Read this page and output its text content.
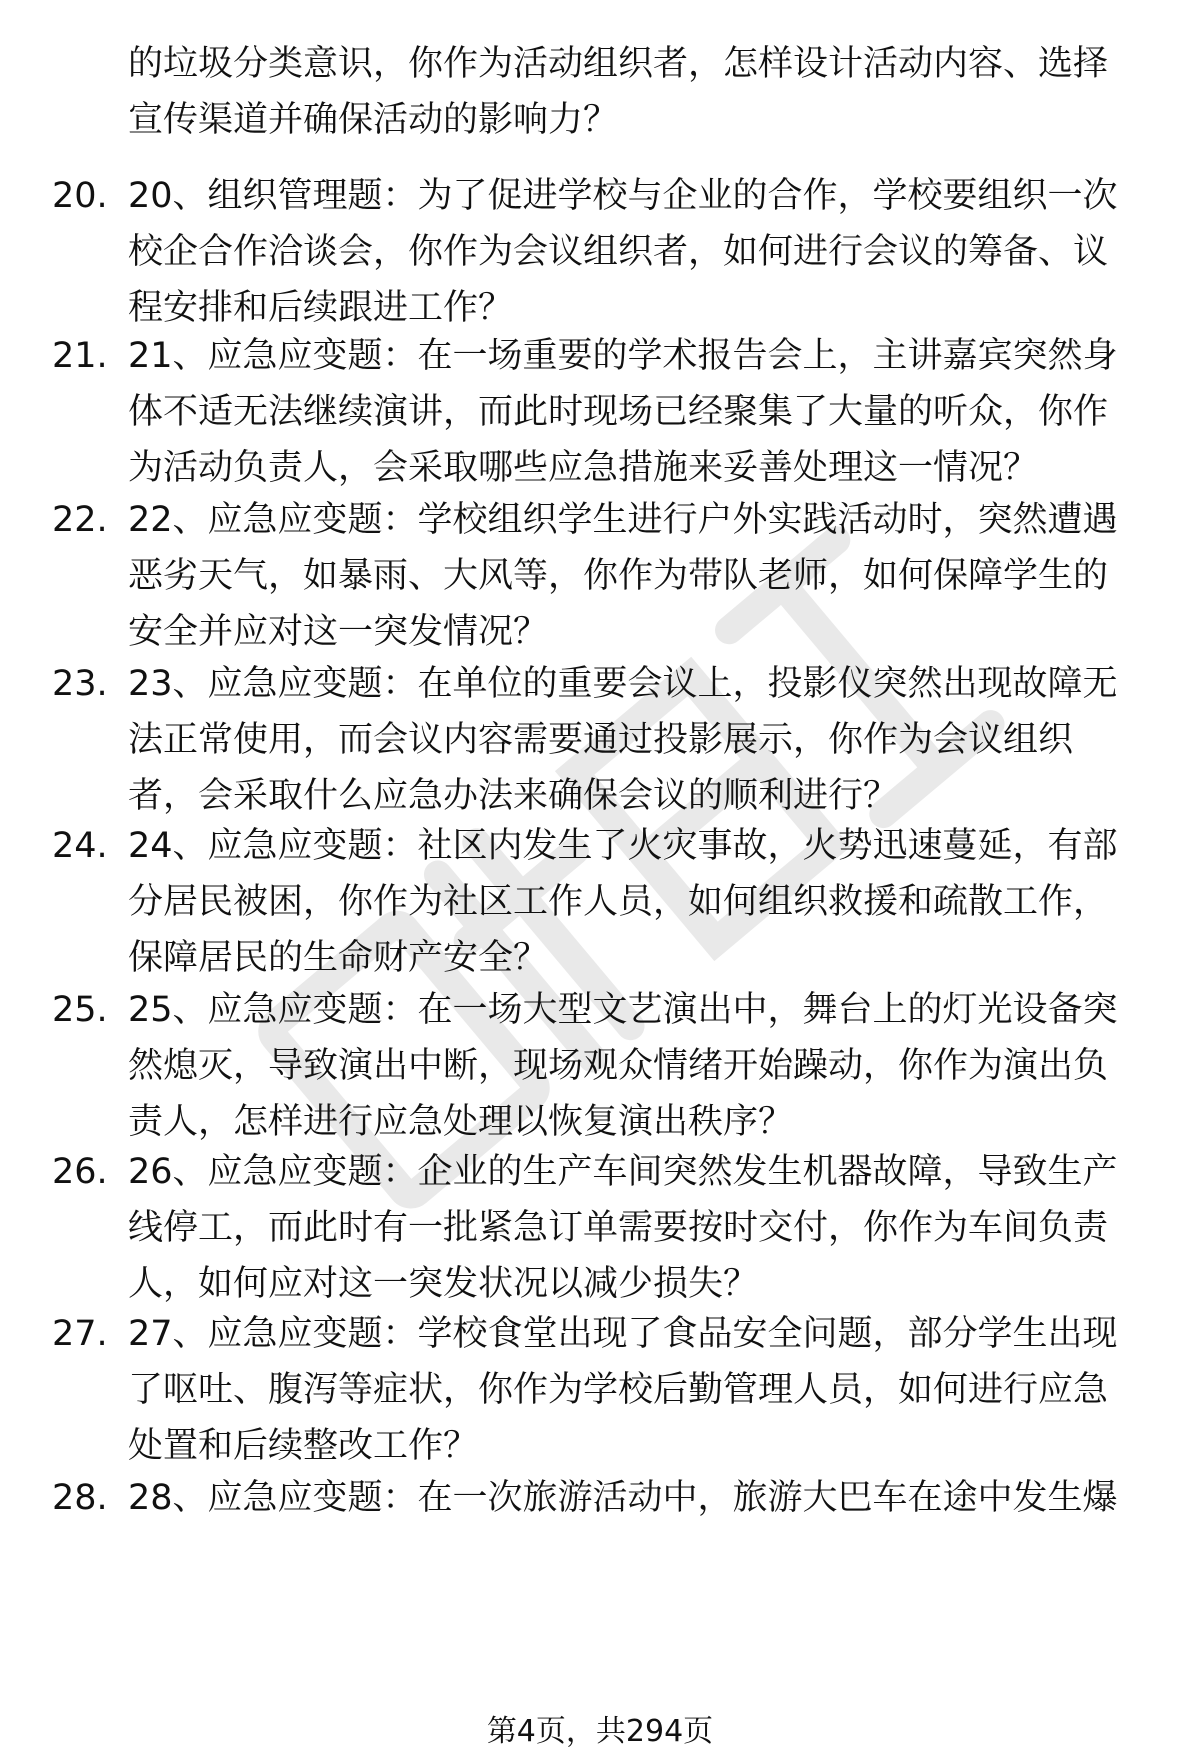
的垃圾分类意识，你作为活动组织者，怎样设计活动内容、选择
宣传渠道并确保活动的影响力？
20. 20、组织管理题：为了促进学校与企业的合作，学校要组织一次
校企合作洽谈会，你作为会议组织者，如何进行会议的筹备、议
程安排和后续跟进工作？
21. 21、应急应变题：在一场重要的学术报告会上，主讲嘉宾突然身
体不适无法继续演讲，而此时现场已经聚集了大量的听众，你作
为活动负责人，会采取哪些应急措施来妥善处理这一情况？
22. 22、应急应变题：学校组织学生进行户外实践活动时，突然遭遇
恶劣天气，如暴雨、大风等，你作为带队老师，如何保障学生的
安全并应对这一突发情况？
23. 23、应急应变题：在单位的重要会议上，投影仪突然出现故障无
法正常使用，而会议内容需要通过投影展示，你作为会议组织
者，会采取什么应急办法来确保会议的顺利进行？
24. 24、应急应变题：社区内发生了火灾事故，火势迅速蔓延，有部
分居民被困，你作为社区工作人员，如何组织救援和疏散工作，
保障居民的生命财产安全？
25. 25、应急应变题：在一场大型文艺演出中，舞台上的灯光设备突
然熄灭，导致演出中断，现场观众情绪开始躁动，你作为演出负
责人，怎样进行应急处理以恢复演出秩序？
26. 26、应急应变题：企业的生产车间突然发生机器故障，导致生产
线停工，而此时有一批紧急订单需要按时交付，你作为车间负责
人，如何应对这一突发状况以减少损失？
27. 27、应急应变题：学校食堂出现了食品安全问题，部分学生出现
了呕吐、腹泻等症状，你作为学校后勤管理人员，如何进行应急
处置和后续整改工作？
28. 28、应急应变题：在一次旅游活动中，旅游大巴车在途中发生爆
第4页，共294页
